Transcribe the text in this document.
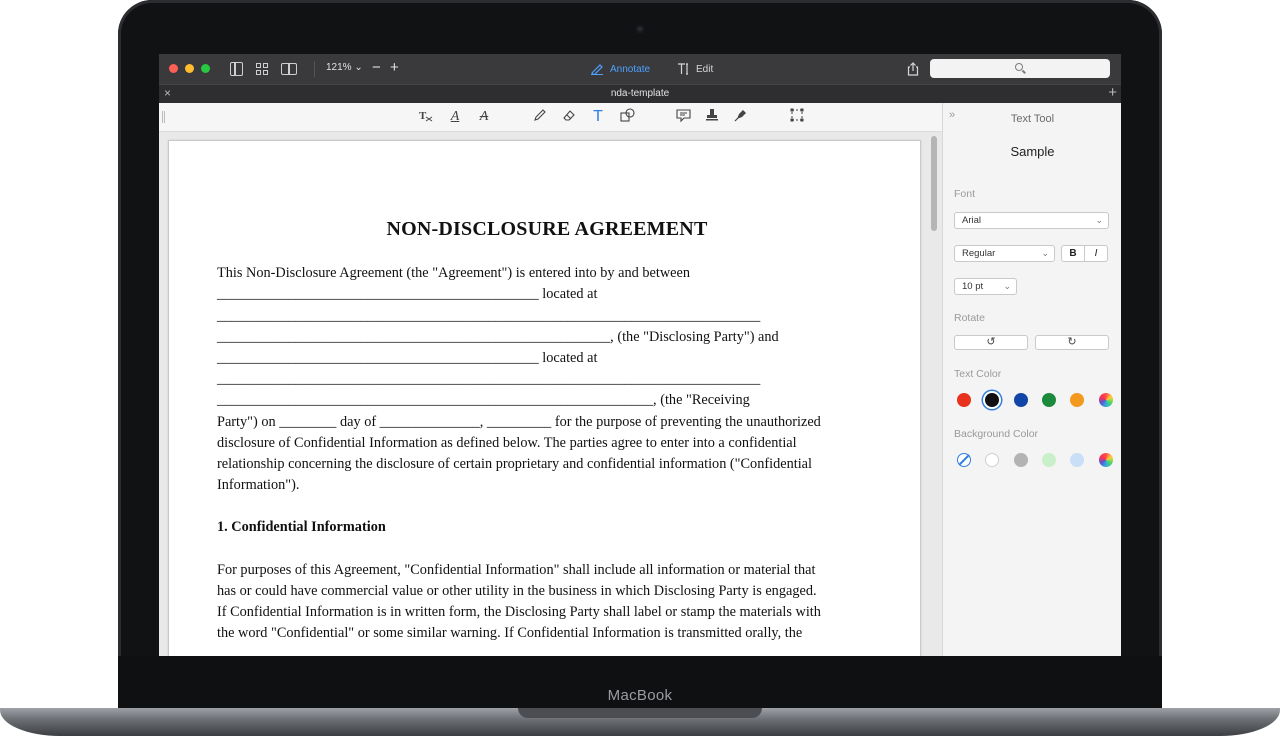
MacBook
121% ⌄ − +	Annotate	Edit
×	nda-template	+
T	A	A	T
NON-DISCLOSURE AGREEMENT

This Non-Disclosure Agreement (the "Agreement") is entered into by and between

_____________________________________________ located at

____________________________________________________________________________

_______________________________________________________, (the "Disclosing Party") and

_____________________________________________ located at

____________________________________________________________________________

_____________________________________________________________, (the "Receiving

Party") on ________ day of ______________, _________ for the purpose of preventing the unauthorized

disclosure of Confidential Information as defined below. The parties agree to enter into a confidential

relationship concerning the disclosure of certain proprietary and confidential information ("Confidential

Information").

1. Confidential Information

For purposes of this Agreement, "Confidential Information" shall include all information or material that

has or could have commercial value or other utility in the business in which Disclosing Party is engaged.

If Confidential Information is in written form, the Disclosing Party shall label or stamp the materials with

the word "Confidential" or some similar warning. If Confidential Information is transmitted orally, the

»	Text Tool
Sample
Font
Arial	⌄
Regular	⌄	B	I
10 pt ⌄
Rotate
↺	↻
Text Color
Background Color
